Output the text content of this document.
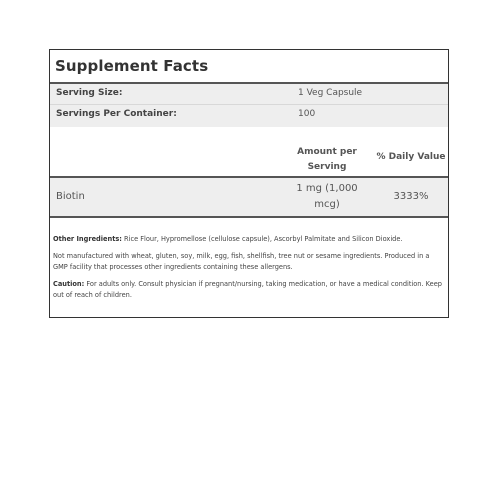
Supplement Facts
Serving Size:	1 Veg Capsule
Servings Per Container:	100
Amount per
Serving
% Daily Value
Biotin
1 mg (1,000
mcg)
3333%

Other Ingredients: Rice Flour, Hypromellose (cellulose capsule), Ascorbyl Palmitate and Silicon Dioxide.

Not manufactured with wheat, gluten, soy, milk, egg, fish, shellfish, tree nut or sesame ingredients. Produced in a GMP facility that processes other ingredients containing these allergens.

Caution: For adults only. Consult physician if pregnant/nursing, taking medication, or have a medical condition. Keep out of reach of children.
